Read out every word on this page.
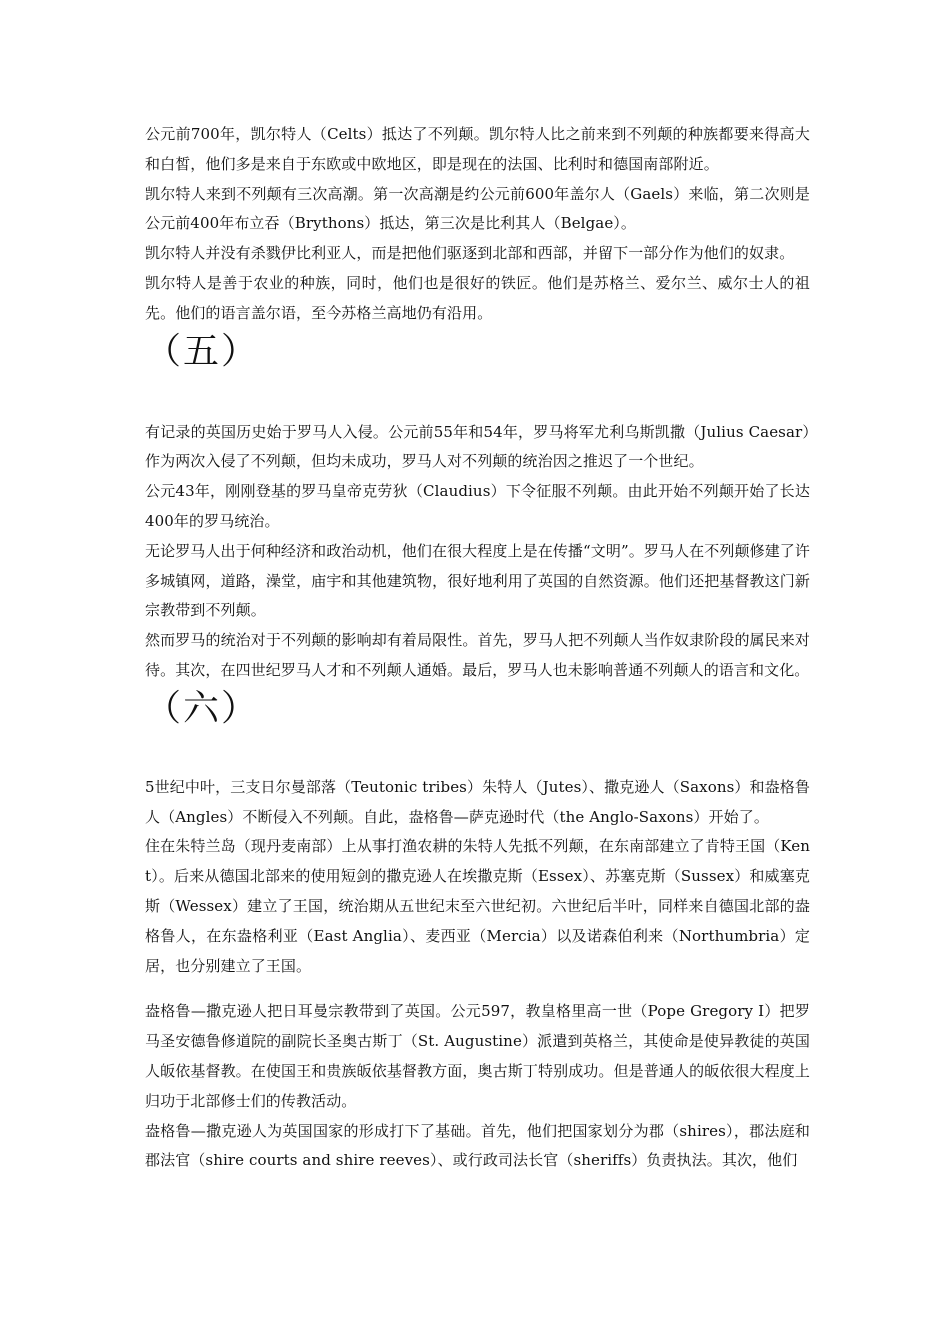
公元前700年，凯尔特人（Celts）抵达了不列颠。凯尔特人比之前来到不列颠的种族都要来得高大和白皙，他们多是来自于东欧或中欧地区，即是现在的法国、比利时和德国南部附近。

凯尔特人来到不列颠有三次高潮。第一次高潮是约公元前600年盖尔人（Gaels）来临，第二次则是公元前400年布立吞（Brythons）抵达，第三次是比利其人（Belgae）。

凯尔特人并没有杀戮伊比利亚人，而是把他们驱逐到北部和西部，并留下一部分作为他们的奴隶。

凯尔特人是善于农业的种族，同时，他们也是很好的铁匠。他们是苏格兰、爱尔兰、威尔士人的祖先。他们的语言盖尔语，至今苏格兰高地仍有沿用。

（五）

有记录的英国历史始于罗马人入侵。公元前55年和54年，罗马将军尤利乌斯凯撒（Julius Caesar）作为两次入侵了不列颠，但均未成功，罗马人对不列颠的统治因之推迟了一个世纪。

公元43年，刚刚登基的罗马皇帝克劳狄（Claudius）下令征服不列颠。由此开始不列颠开始了长达400年的罗马统治。

无论罗马人出于何种经济和政治动机，他们在很大程度上是在传播“文明”。罗马人在不列颠修建了许多城镇网，道路，澡堂，庙宇和其他建筑物，很好地利用了英国的自然资源。他们还把基督教这门新宗教带到不列颠。

然而罗马的统治对于不列颠的影响却有着局限性。首先，罗马人把不列颠人当作奴隶阶段的属民来对待。其次，在四世纪罗马人才和不列颠人通婚。最后，罗马人也未影响普通不列颠人的语言和文化。

（六）

5世纪中叶，三支日尔曼部落（Teutonic tribes）朱特人（Jutes）、撒克逊人（Saxons）和盎格鲁人（Angles）不断侵入不列颠。自此，盎格鲁—萨克逊时代（the Anglo-Saxons）开始了。

住在朱特兰岛（现丹麦南部）上从事打渔农耕的朱特人先抵不列颠，在东南部建立了肯特王国（Kent）。后来从德国北部来的使用短剑的撒克逊人在埃撒克斯（Essex）、苏塞克斯（Sussex）和威塞克斯（Wessex）建立了王国，统治期从五世纪末至六世纪初。六世纪后半叶，同样来自德国北部的盎格鲁人，在东盎格利亚（East Anglia）、麦西亚（Mercia）以及诺森伯利来（Northumbria）定居，也分别建立了王国。

盎格鲁—撒克逊人把日耳曼宗教带到了英国。公元597，教皇格里高一世（Pope Gregory I）把罗马圣安德鲁修道院的副院长圣奥古斯丁（St. Augustine）派遣到英格兰，其使命是使异教徒的英国人皈依基督教。在使国王和贵族皈依基督教方面，奥古斯丁特别成功。但是普通人的皈依很大程度上归功于北部修士们的传教活动。

盎格鲁—撒克逊人为英国国家的形成打下了基础。首先，他们把国家划分为郡（shires），郡法庭和郡法官（shire courts and shire reeves）、或行政司法长官（sheriffs）负责执法。其次，他们
